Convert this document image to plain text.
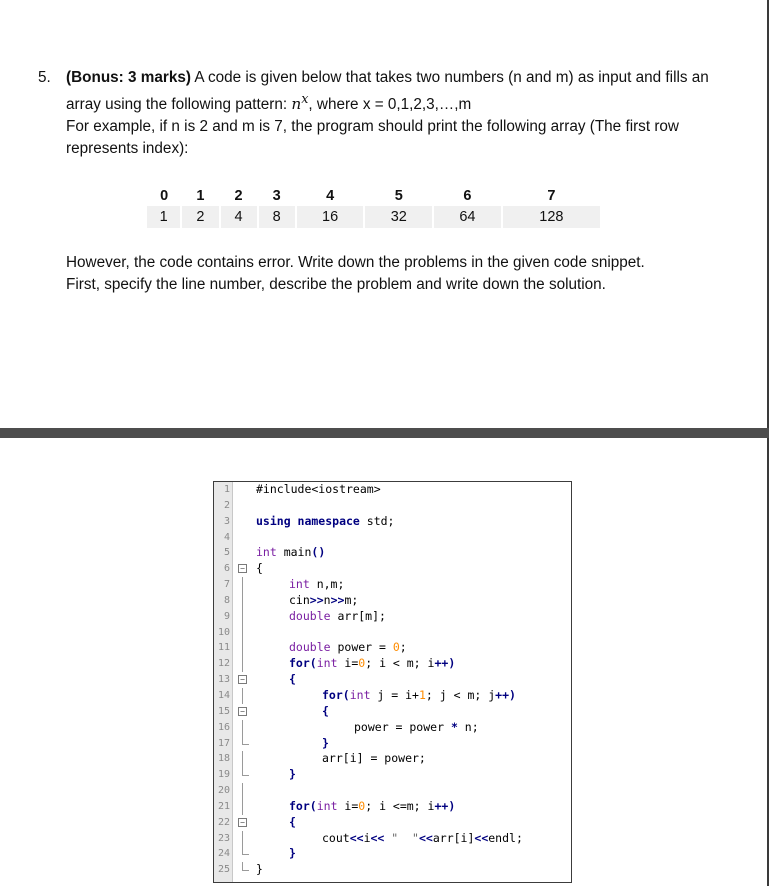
5. (Bonus: 3 marks) A code is given below that takes two numbers (n and m) as input and fills an array using the following pattern: $n^x$, where x = 0,1,2,3,…,m

For example, if n is 2 and m is 7, the program should print the following array (The first row represents index):

0	1	2	3	4	5	6	7
1	2	4	8	16	32	64	128

However, the code contains error. Write down the problems in the given code snippet.

First, specify the line number, describe the problem and write down the solution.

1 #include<iostream>
2
3 using namespace std;
4
5 int main()
6 − {
7	int n,m;
8	cin>>n>>m;
9	double arr[m];
10
11	double power = 0;
12	for(int i=0; i < m; i++)
13 −	{
14	for(int j = i+1; j < m; j++)
15 −	{
16	power = power * n;
17	}
18	arr[i] = power;
19	}
20
21	for(int i=0; i <=m; i++)
22 −	{
23	cout<<i<< "  "<<arr[i]<<endl;
24	}
25 }
